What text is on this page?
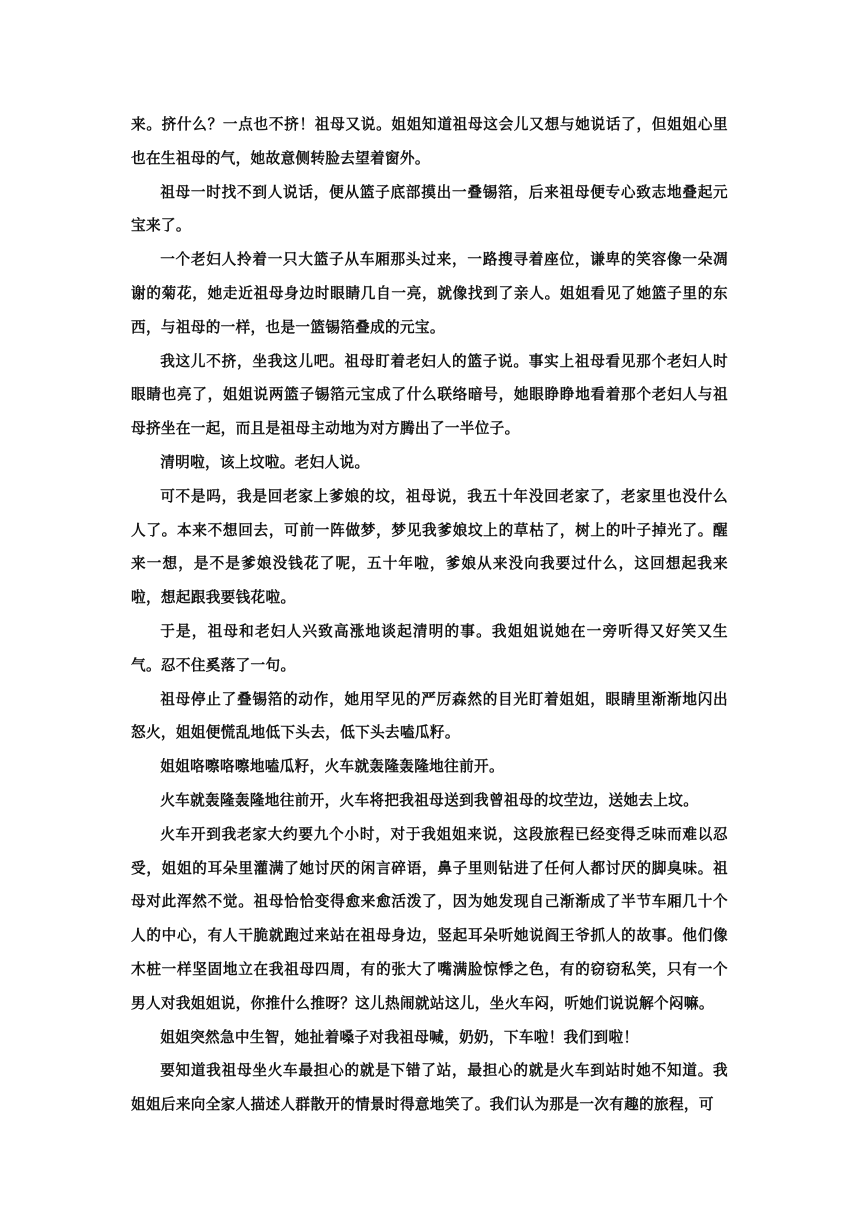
来。挤什么？一点也不挤！祖母又说。姐姐知道祖母这会儿又想与她说话了，但姐姐心里也在生祖母的气，她故意侧转脸去望着窗外。

祖母一时找不到人说话，便从篮子底部摸出一叠锡箔，后来祖母便专心致志地叠起元宝来了。

一个老妇人拎着一只大篮子从车厢那头过来，一路搜寻着座位，谦卑的笑容像一朵凋谢的菊花，她走近祖母身边时眼睛几自一亮，就像找到了亲人。姐姐看见了她篮子里的东西，与祖母的一样，也是一篮锡箔叠成的元宝。

我这儿不挤，坐我这儿吧。祖母盯着老妇人的篮子说。事实上祖母看见那个老妇人时眼睛也亮了，姐姐说两篮子锡箔元宝成了什么联络暗号，她眼睁睁地看着那个老妇人与祖母挤坐在一起，而且是祖母主动地为对方腾出了一半位子。

清明啦，该上坟啦。老妇人说。

可不是吗，我是回老家上爹娘的坟，祖母说，我五十年没回老家了，老家里也没什么人了。本来不想回去，可前一阵做梦，梦见我爹娘坟上的草枯了，树上的叶子掉光了。醒来一想，是不是爹娘没钱花了呢，五十年啦，爹娘从来没向我要过什么，这回想起我来啦，想起跟我要钱花啦。

于是，祖母和老妇人兴致高涨地谈起清明的事。我姐姐说她在一旁听得又好笑又生气。忍不住奚落了一句。

祖母停止了叠锡箔的动作，她用罕见的严厉森然的目光盯着姐姐，眼睛里渐渐地闪出怒火，姐姐便慌乱地低下头去，低下头去嗑瓜籽。

姐姐咯嚓咯嚓地嗑瓜籽，火车就轰隆轰隆地往前开。

火车就轰隆轰隆地往前开，火车将把我祖母送到我曾祖母的坟茔边，送她去上坟。

火车开到我老家大约要九个小时，对于我姐姐来说，这段旅程已经变得乏味而难以忍受，姐姐的耳朵里灌满了她讨厌的闲言碎语，鼻子里则钻进了任何人都讨厌的脚臭味。祖母对此浑然不觉。祖母恰恰变得愈来愈活泼了，因为她发现自己渐渐成了半节车厢几十个人的中心，有人干脆就跑过来站在祖母身边，竖起耳朵听她说阎王爷抓人的故事。他们像木桩一样坚固地立在我祖母四周，有的张大了嘴满脸惊悸之色，有的窃窃私笑，只有一个男人对我姐姐说，你推什么推呀？这儿热闹就站这儿，坐火车闷，听她们说说解个闷嘛。

姐姐突然急中生智，她扯着嗓子对我祖母喊，奶奶，下车啦！我们到啦！

要知道我祖母坐火车最担心的就是下错了站，最担心的就是火车到站时她不知道。我姐姐后来向全家人描述人群散开的情景时得意地笑了。我们认为那是一次有趣的旅程，可
